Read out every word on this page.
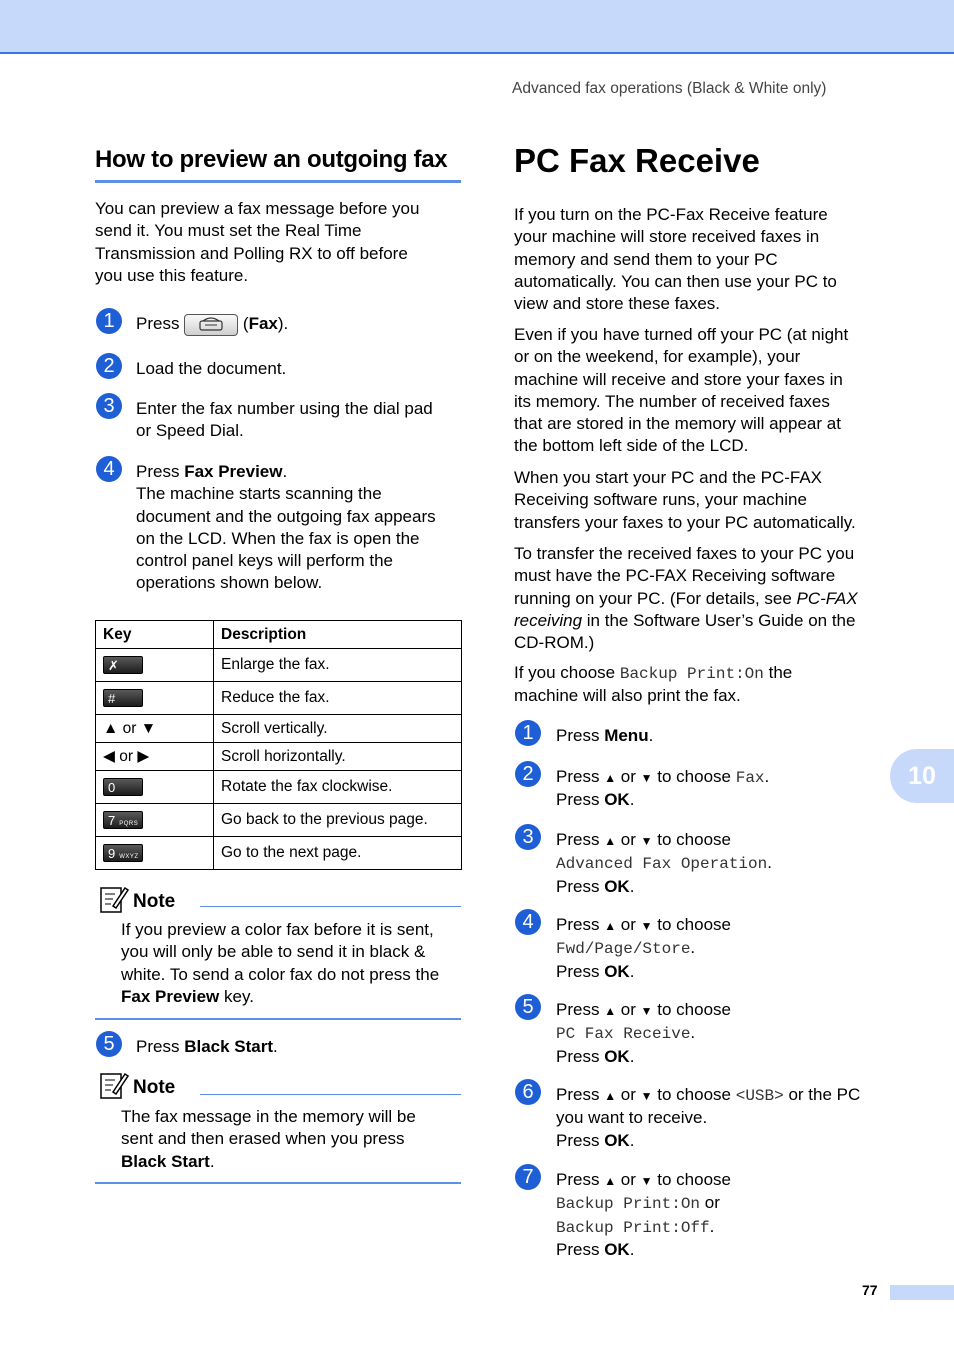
Advanced fax operations (Black & White only)
10
77
How to preview an outgoing fax
You can preview a fax message before you
send it. You must set the Real Time
Transmission and Polling RX to off before
you use this feature.
1	Press	(Fax).
2	Load the document.
3	Enter the fax number using the dial pad
or Speed Dial.
4	Press Fax Preview.
The machine starts scanning the
document and the outgoing fax appears
on the LCD. When the fax is open the
control panel keys will perform the
operations shown below.
Key	Description
✗	Enlarge the fax.
#	Reduce the fax.
▲ or ▼	Scroll vertically.
◀ or ▶	Scroll horizontally.
0	Rotate the fax clockwise.
7 PQRS	Go back to the previous page.
9 WXYZ	Go to the next page.
Note
If you preview a color fax before it is sent,
you will only be able to send it in black &
white. To send a color fax do not press the
Fax Preview key.
5	Press Black Start.
Note
The fax message in the memory will be
sent and then erased when you press
Black Start.
PC Fax Receive
If you turn on the PC-Fax Receive feature
your machine will store received faxes in
memory and send them to your PC
automatically. You can then use your PC to
view and store these faxes.
Even if you have turned off your PC (at night
or on the weekend, for example), your
machine will receive and store your faxes in
its memory. The number of received faxes
that are stored in the memory will appear at
the bottom left side of the LCD.
When you start your PC and the PC-FAX
Receiving software runs, your machine
transfers your faxes to your PC automatically.
To transfer the received faxes to your PC you
must have the PC-FAX Receiving software
running on your PC. (For details, see PC-FAX
receiving in the Software User’s Guide on the
CD-ROM.)
If you choose Backup Print:On the
machine will also print the fax.
1	Press Menu.
2	Press ▲ or ▼ to choose Fax.
Press OK.
3	Press ▲ or ▼ to choose
Advanced Fax Operation.
Press OK.
4	Press ▲ or ▼ to choose
Fwd/Page/Store.
Press OK.
5	Press ▲ or ▼ to choose
PC Fax Receive.
Press OK.
6	Press ▲ or ▼ to choose <USB> or the PC
you want to receive.
Press OK.
7	Press ▲ or ▼ to choose
Backup Print:On or
Backup Print:Off.
Press OK.
